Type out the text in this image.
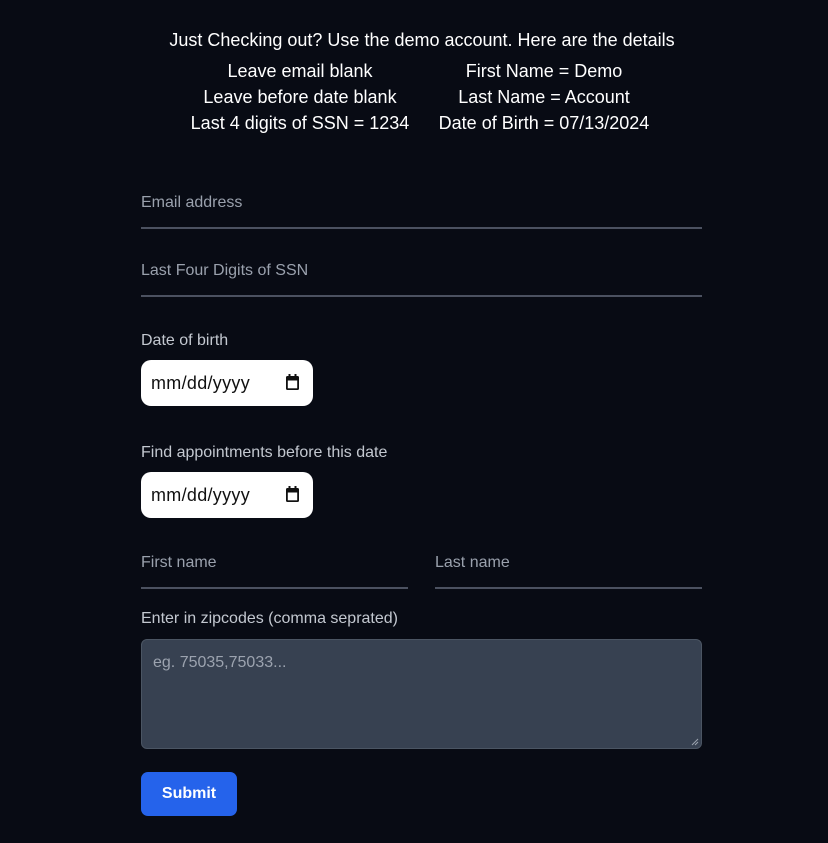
Just Checking out? Use the demo account. Here are the details
Leave email blank	First Name = Demo
Leave before date blank	Last Name = Account
Last 4 digits of SSN = 1234	Date of Birth = 07/13/2024
Email address
Last Four Digits of SSN
Date of birth
mm/dd/yyyy
Find appointments before this date
mm/dd/yyyy
First name	Last name
Enter in zipcodes (comma seprated)
eg. 75035,75033...
Submit
